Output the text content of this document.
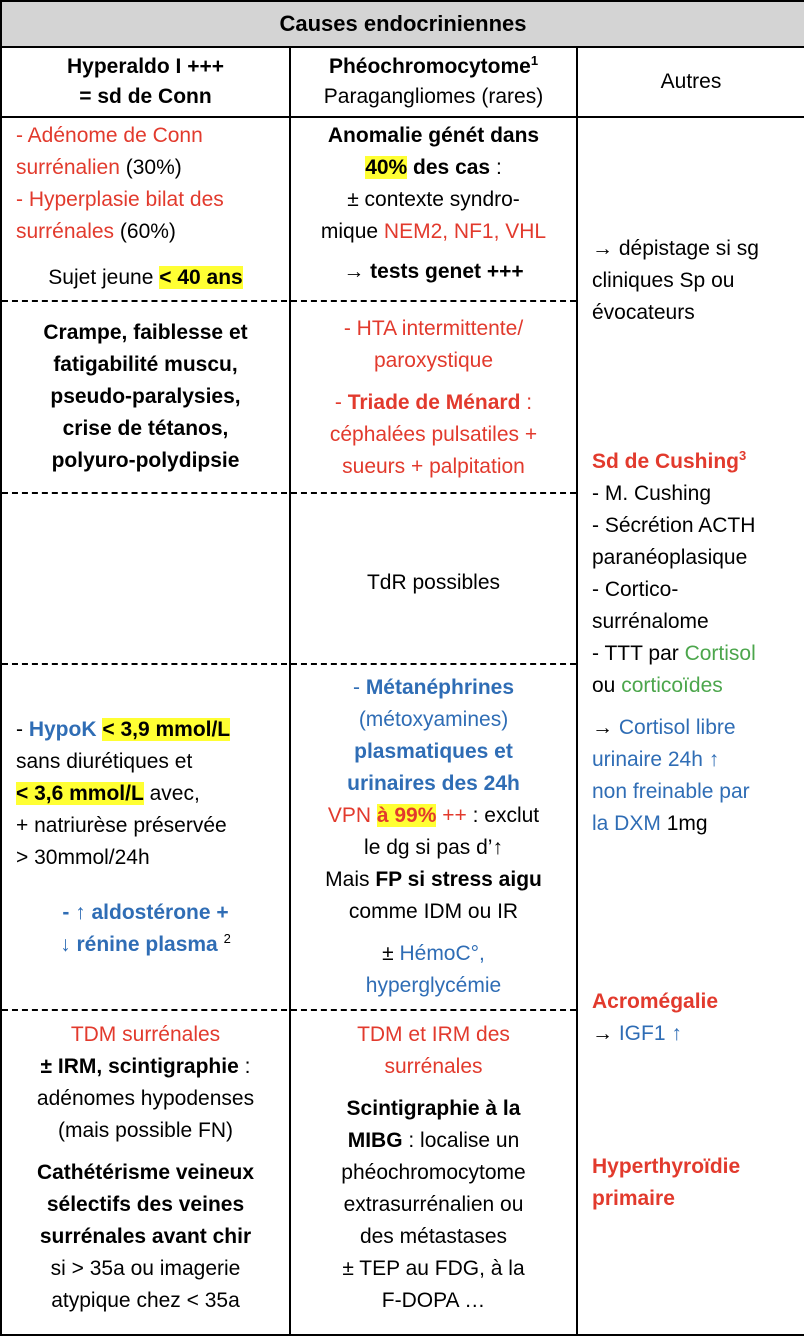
Causes endocriniennes
Hyperaldo I +++
= sd de Conn
Phéochromocytome$^1$
Paragangliomes (rares)
Autres
- Adénome de Conn
surrénalien (30%)
- Hyperplasie bilat des
surrénales (60%)
Sujet jeune < 40 ans
Crampe, faiblesse et
fatigabilité muscu,
pseudo-paralysies,
crise de tétanos,
polyuro-polydipsie
- HypoK < 3,9 mmol/L
sans diurétiques et
< 3,6 mmol/L avec,
+ natriurèse préservée
> 30mmol/24h
- ↑ aldostérone +
↓ rénine plasma $^2$
TDM surrénales
± IRM, scintigraphie :
adénomes hypodenses
(mais possible FN)
Cathétérisme veineux
sélectifs des veines
surrénales avant chir
si > 35a ou imagerie
atypique chez < 35a
Anomalie génét dans
40% des cas :
± contexte syndro-
mique NEM2, NF1, VHL
→ tests genet +++
- HTA intermittente/
paroxystique
- Triade de Ménard :
céphalées pulsatiles +
sueurs + palpitation
TdR possibles
- Métanéphrines
(métoxyamines)
plasmatiques et
urinaires des 24h
VPN à 99% ++ : exclut
le dg si pas d’↑
Mais FP si stress aigu
comme IDM ou IR
± HémoC°,
hyperglycémie
TDM et IRM des
surrénales
Scintigraphie à la
MIBG : localise un
phéochromocytome
extrasurrénalien ou
des métastases
± TEP au FDG, à la
F-DOPA …
→ dépistage si sg
cliniques Sp ou
évocateurs
Sd de Cushing$^3$
- M. Cushing
- Sécrétion ACTH
paranéoplasique
- Cortico-
surrénalome
- TTT par Cortisol
ou corticoïdes
→ Cortisol libre
urinaire 24h ↑
non freinable par
la DXM 1mg
Acromégalie
→ IGF1 ↑
Hyperthyroïdie
primaire
